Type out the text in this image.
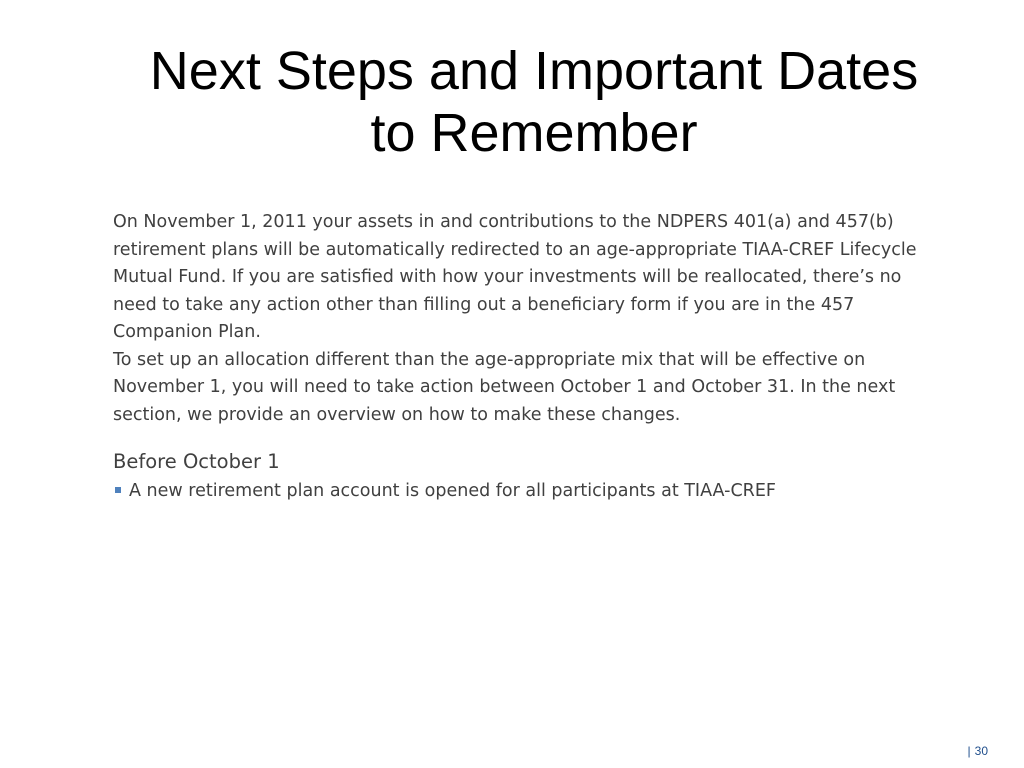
Next Steps and Important Dates
to Remember

On November 1, 2011 your assets in and contributions to the NDPERS 401(a) and 457(b) retirement plans will be automatically redirected to an age-appropriate TIAA-CREF Lifecycle Mutual Fund. If you are satisfied with how your investments will be reallocated, there’s no need to take any action other than filling out a beneficiary form if you are in the 457 Companion Plan.

To set up an allocation different than the age-appropriate mix that will be effective on November 1, you will need to take action between October 1 and October 31. In the next section, we provide an overview on how to make these changes.

Before October 1
A new retirement plan account is opened for all participants at TIAA-CREF
| 30
